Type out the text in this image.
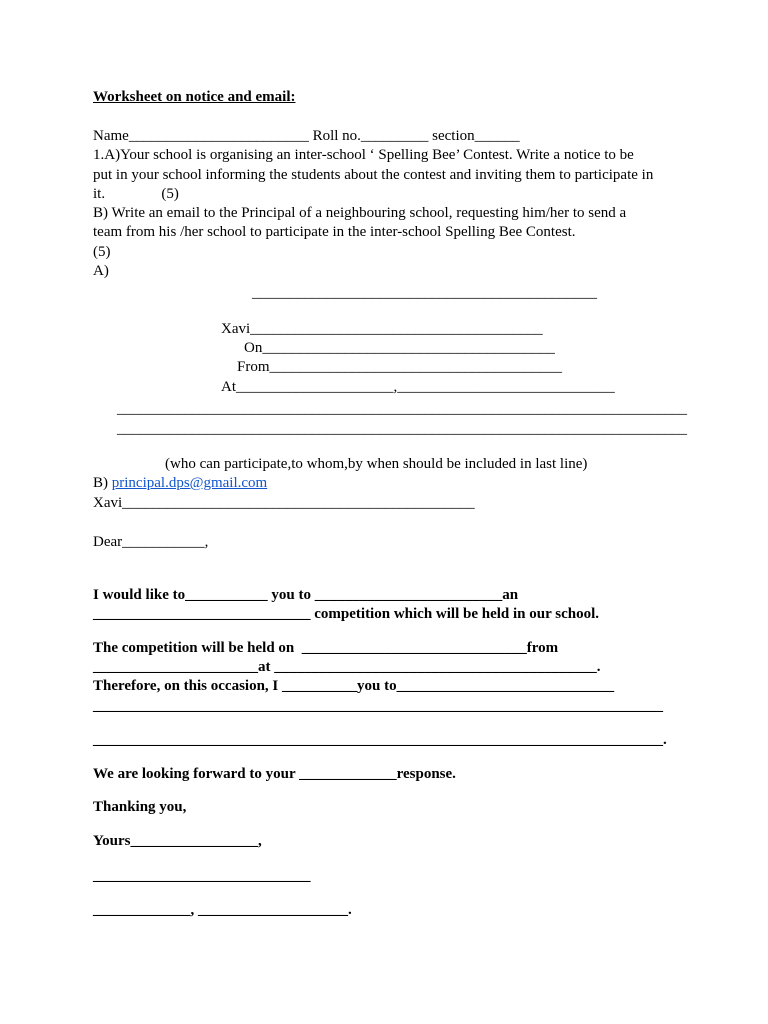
Worksheet on notice and email:
Name________________________ Roll no._________ section______
1.A)Your school is organising an inter-school ‘ Spelling Bee’ Contest. Write a notice to be
put in your school informing the students about the contest and inviting them to participate in
it.               (5)
B) Write an email to the Principal of a neighbouring school, requesting him/her to send a
team from his /her school to participate in the inter-school Spelling Bee Contest.
(5)
A)
______________________________________________
Xavi_______________________________________
On_______________________________________
From_______________________________________
At_____________________,_____________________________
____________________________________________________________________________
____________________________________________________________________________
(who can participate,to whom,by when should be included in last line)
B) principal.dps@gmail.com
Xavi_______________________________________________
Dear___________,
I would like to___________ you to _________________________an
_____________________________ competition which will be held in our school.
The competition will be held on  ______________________________from
______________________at ___________________________________________.
Therefore, on this occasion, I __________you to_____________________________
____________________________________________________________________________
____________________________________________________________________________.
We are looking forward to your _____________response.
Thanking you,
Yours_________________,
_____________________________
_____________, ____________________.
